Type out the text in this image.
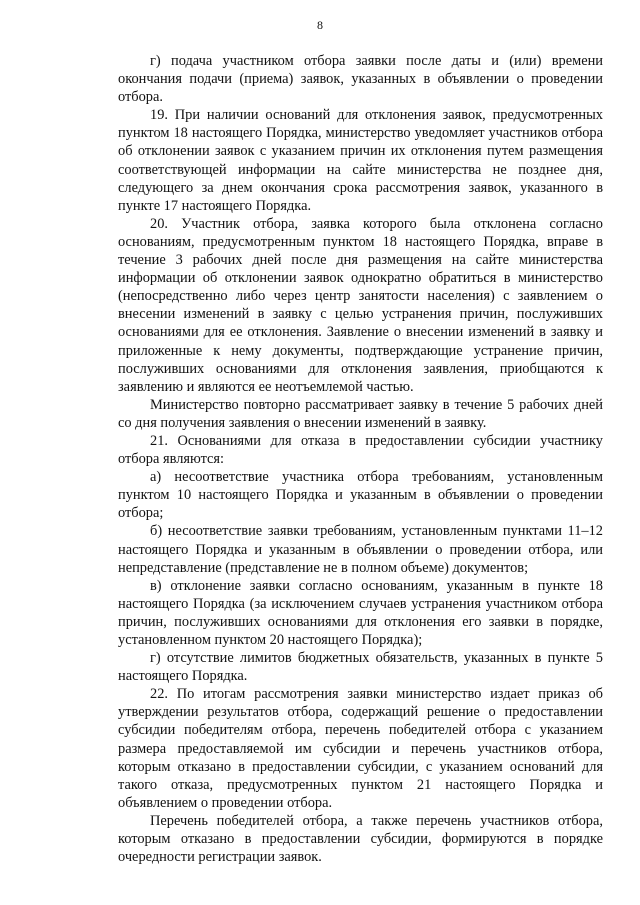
8

г) подача участником отбора заявки после даты и (или) времени окончания подачи (приема) заявок, указанных в объявлении о проведении отбора.

19. При наличии оснований для отклонения заявок, предусмотренных пунктом 18 настоящего Порядка, министерство уведомляет участников отбора об отклонении заявок с указанием причин их отклонения путем размещения соответствующей информации на сайте министерства не позднее дня, следующего за днем окончания срока рассмотрения заявок, указанного в пункте 17 настоящего Порядка.

20. Участник отбора, заявка которого была отклонена согласно основаниям, предусмотренным пунктом 18 настоящего Порядка, вправе в течение 3 рабочих дней после дня размещения на сайте министерства информации об отклонении заявок однократно обратиться в министерство (непосредственно либо через центр занятости населения) с заявлением о внесении изменений в заявку с целью устранения причин, послуживших основаниями для ее отклонения. Заявление о внесении изменений в заявку и приложенные к нему документы, подтверждающие устранение причин, послуживших основаниями для отклонения заявления, приобщаются к заявлению и являются ее неотъемлемой частью.

Министерство повторно рассматривает заявку в течение 5 рабочих дней со дня получения заявления о внесении изменений в заявку.

21. Основаниями для отказа в предоставлении субсидии участнику отбора являются:

а) несоответствие участника отбора требованиям, установленным пунктом 10 настоящего Порядка и указанным в объявлении о проведении отбора;

б) несоответствие заявки требованиям, установленным пунктами 11–12 настоящего Порядка и указанным в объявлении о проведении отбора, или непредставление (представление не в полном объеме) документов;

в) отклонение заявки согласно основаниям, указанным в пункте 18 настоящего Порядка (за исключением случаев устранения участником отбора причин, послуживших основаниями для отклонения его заявки в порядке, установленном пунктом 20 настоящего Порядка);

г) отсутствие лимитов бюджетных обязательств, указанных в пункте 5 настоящего Порядка.

22. По итогам рассмотрения заявки министерство издает приказ об утверждении результатов отбора, содержащий решение о предоставлении субсидии победителям отбора, перечень победителей отбора с указанием размера предоставляемой им субсидии и перечень участников отбора, которым отказано в предоставлении субсидии, с указанием оснований для такого отказа, предусмотренных пунктом 21 настоящего Порядка и объявлением о проведении отбора.

Перечень победителей отбора, а также перечень участников отбора, которым отказано в предоставлении субсидии, формируются в порядке очередности регистрации заявок.
